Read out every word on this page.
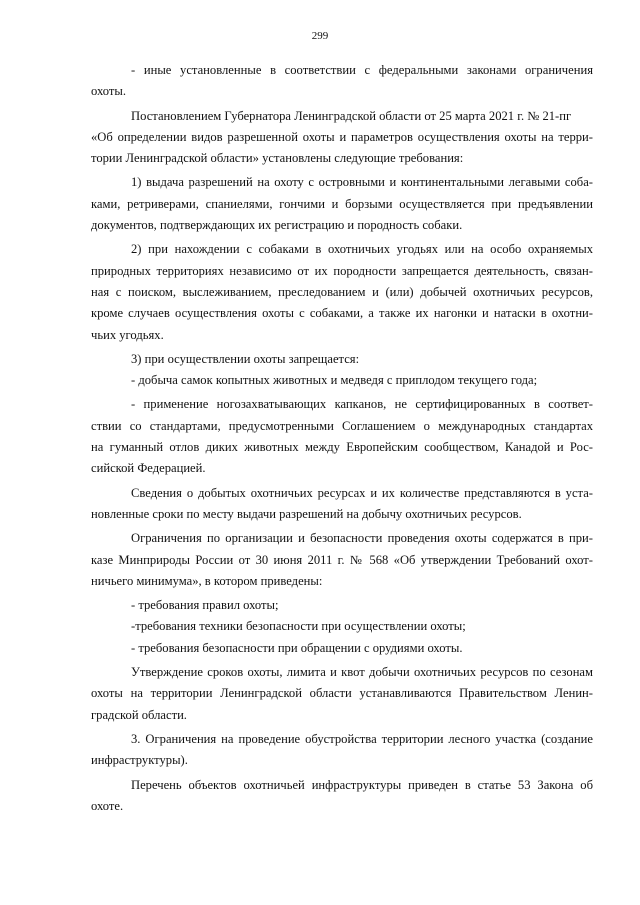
299
- иные установленные в соответствии с федеральными законами ограничения
охоты.
Постановлением Губернатора Ленинградской области от 25 марта 2021 г. № 21-пг
«Об определении видов разрешенной охоты и параметров осуществления охоты на терри-
тории Ленинградской области» установлены следующие требования:
1) выдача разрешений на охоту с островными и континентальными легавыми соба-
ками, ретриверами, спаниелями, гончими и борзыми осуществляется при предъявлении
документов, подтверждающих их регистрацию и породность собаки.
2) при нахождении с собаками в охотничьих угодьях или на особо охраняемых
природных территориях независимо от их породности запрещается деятельность, связан-
ная с поиском, выслеживанием, преследованием и (или) добычей охотничьих ресурсов,
кроме случаев осуществления охоты с собаками, а также их нагонки и натаски в охотни-
чьих угодьях.
3) при осуществлении охоты запрещается:
- добыча самок копытных животных и медведя с приплодом текущего года;
- применение ногозахватывающих капканов, не сертифицированных в соответ-
ствии со стандартами, предусмотренными Соглашением о международных стандартах
на гуманный отлов диких животных между Европейским сообществом, Канадой и Рос-
сийской Федерацией.
Сведения о добытых охотничьих ресурсах и их количестве представляются в уста-
новленные сроки по месту выдачи разрешений на добычу охотничьих ресурсов.
Ограничения по организации и безопасности проведения охоты содержатся в при-
казе Минприроды России от 30 июня 2011 г. № 568 «Об утверждении Требований охот-
ничьего минимума», в котором приведены:
- требования правил охоты;
-требования техники безопасности при осуществлении охоты;
- требования безопасности при обращении с орудиями охоты.
Утверждение сроков охоты, лимита и квот добычи охотничьих ресурсов по сезонам
охоты на территории Ленинградской области устанавливаются Правительством Ленин-
градской области.
3. Ограничения на проведение обустройства территории лесного участка (создание
инфраструктуры).
Перечень объектов охотничьей инфраструктуры приведен в статье 53 Закона об
охоте.
